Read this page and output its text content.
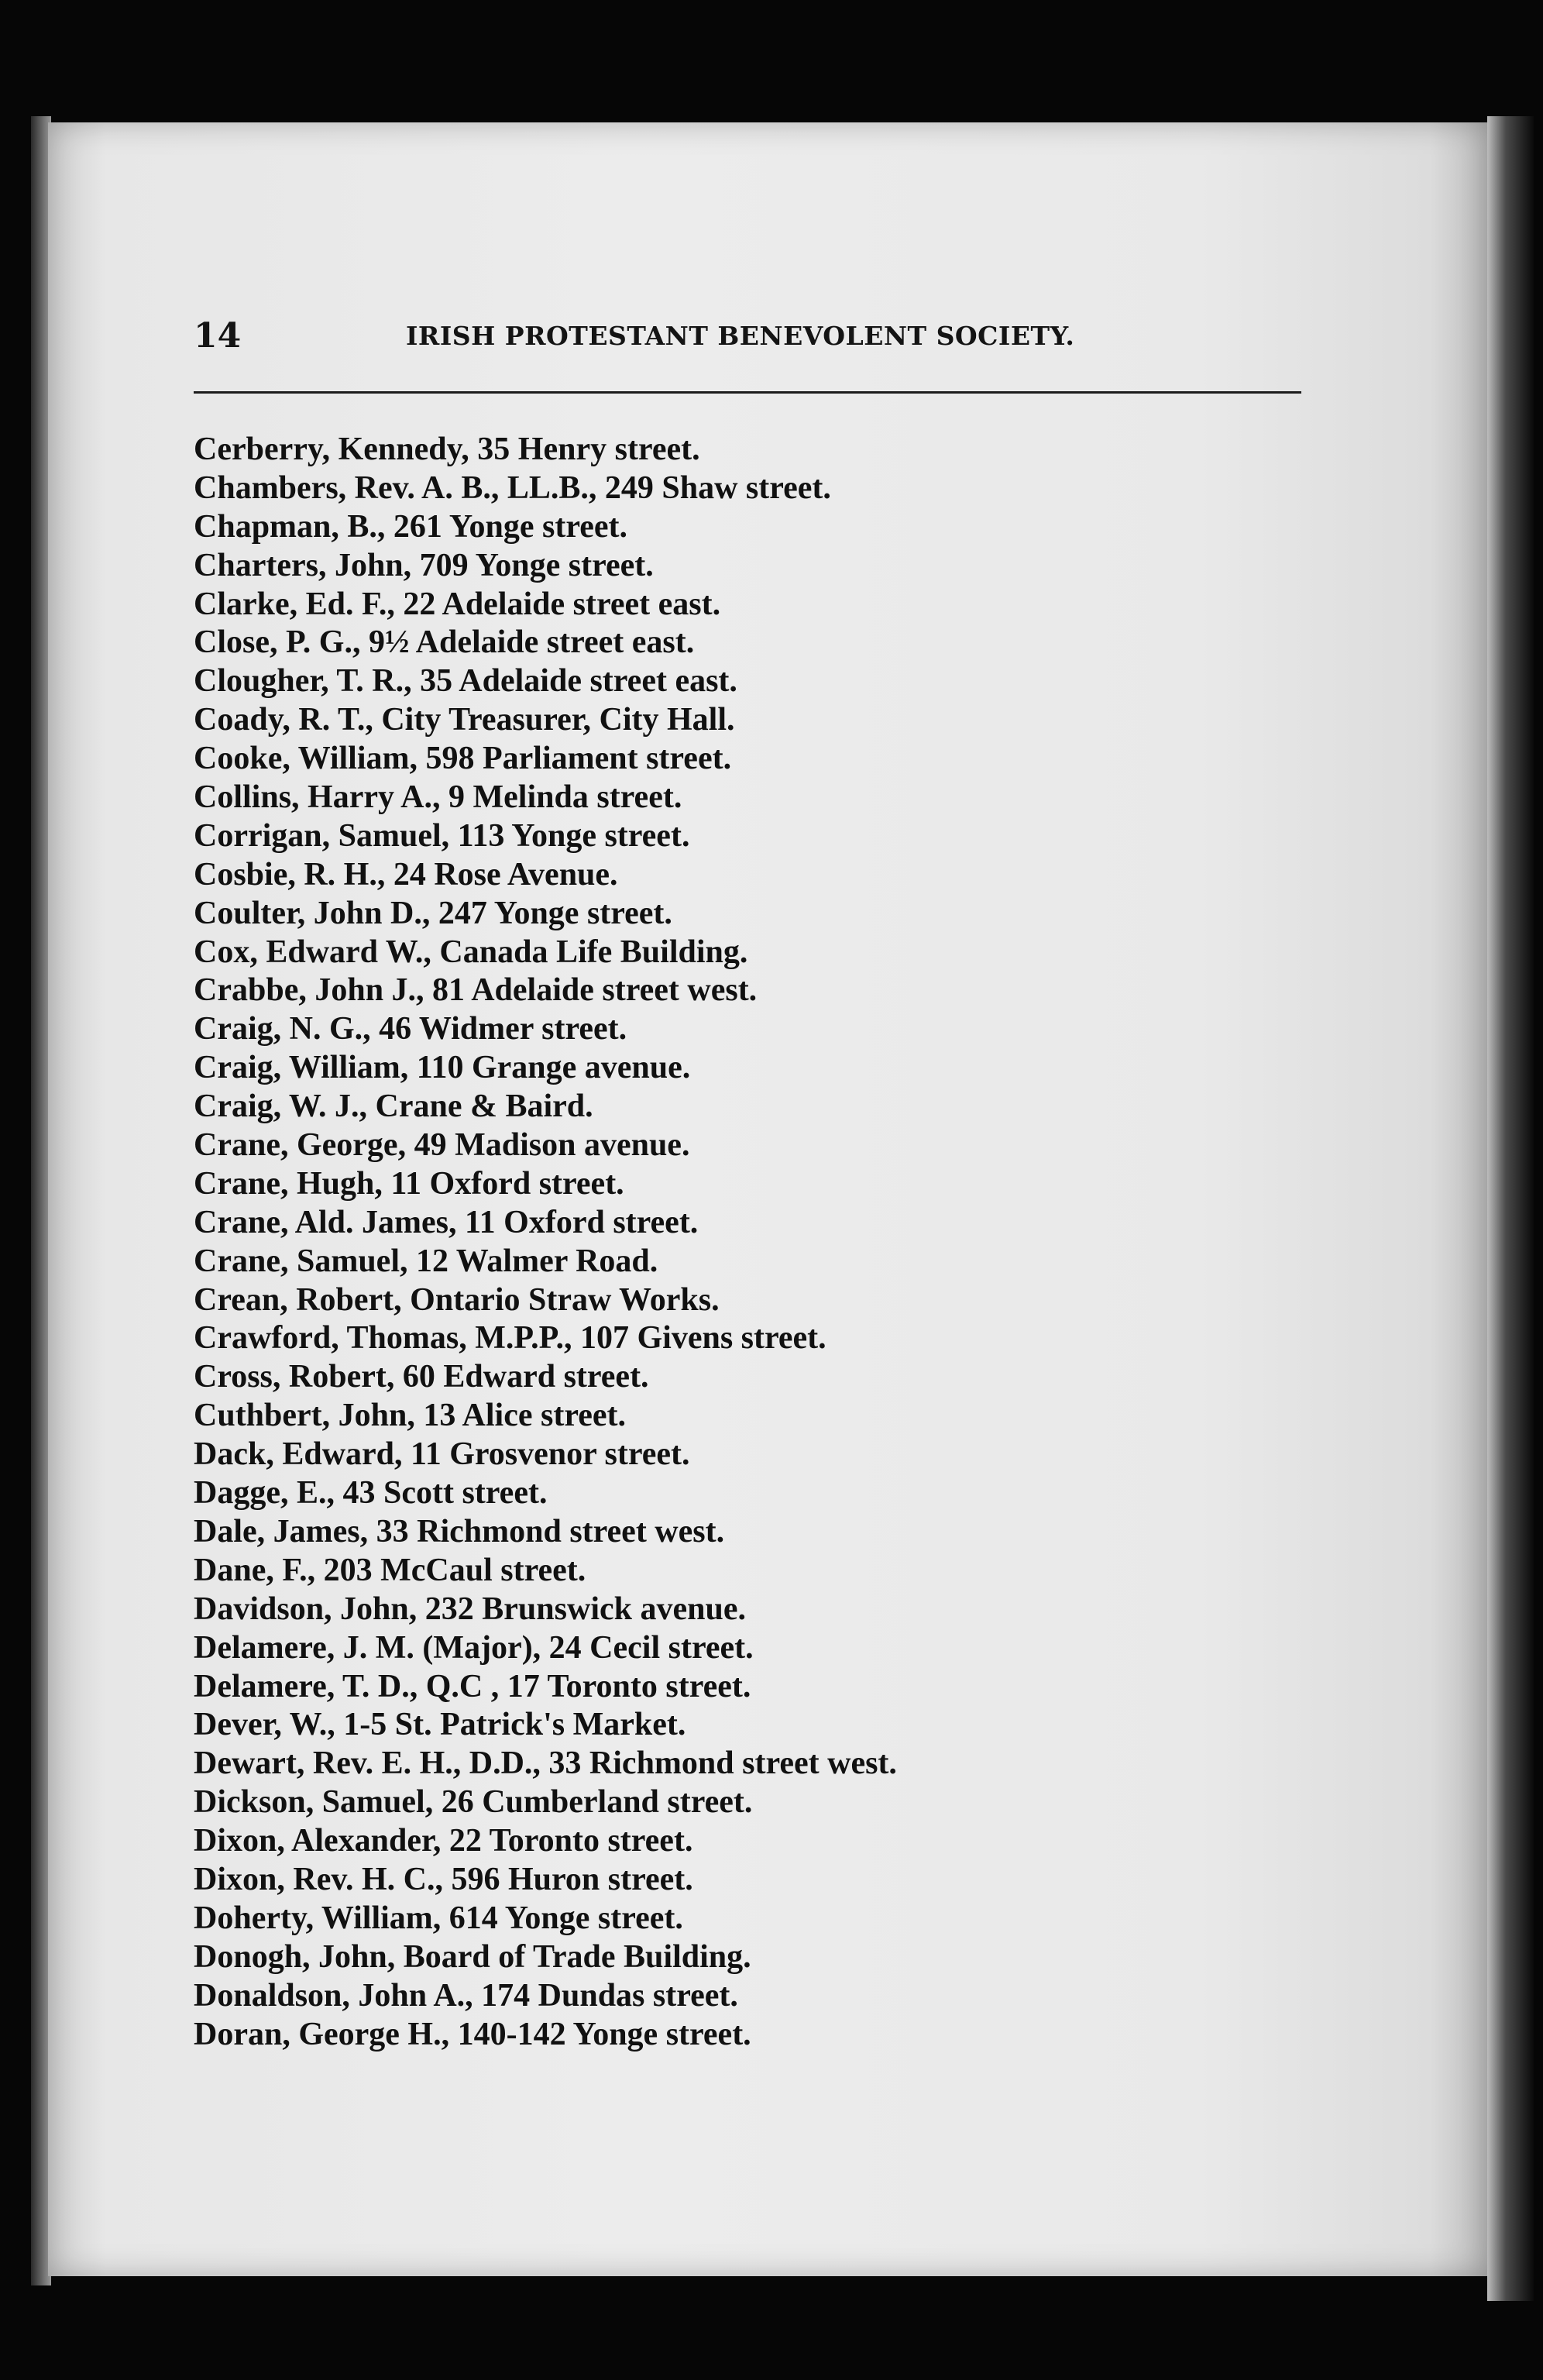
14	IRISH PROTESTANT BENEVOLENT SOCIETY.
Cerberry, Kennedy, 35 Henry street.
Chambers, Rev. A. B., LL.B., 249 Shaw street.
Chapman, B., 261 Yonge street.
Charters, John, 709 Yonge street.
Clarke, Ed. F., 22 Adelaide street east.
Close, P. G., 9½ Adelaide street east.
Clougher, T. R., 35 Adelaide street east.
Coady, R. T., City Treasurer, City Hall.
Cooke, William, 598 Parliament street.
Collins, Harry A., 9 Melinda street.
Corrigan, Samuel, 113 Yonge street.
Cosbie, R. H., 24 Rose Avenue.
Coulter, John D., 247 Yonge street.
Cox, Edward W., Canada Life Building.
Crabbe, John J., 81 Adelaide street west.
Craig, N. G., 46 Widmer street.
Craig, William, 110 Grange avenue.
Craig, W. J., Crane & Baird.
Crane, George, 49 Madison avenue.
Crane, Hugh, 11 Oxford street.
Crane, Ald. James, 11 Oxford street.
Crane, Samuel, 12 Walmer Road.
Crean, Robert, Ontario Straw Works.
Crawford, Thomas, M.P.P., 107 Givens street.
Cross, Robert, 60 Edward street.
Cuthbert, John, 13 Alice street.
Dack, Edward, 11 Grosvenor street.
Dagge, E., 43 Scott street.
Dale, James, 33 Richmond street west.
Dane, F., 203 McCaul street.
Davidson, John, 232 Brunswick avenue.
Delamere, J. M. (Major), 24 Cecil street.
Delamere, T. D., Q.C , 17 Toronto street.
Dever, W., 1-5 St. Patrick's Market.
Dewart, Rev. E. H., D.D., 33 Richmond street west.
Dickson, Samuel, 26 Cumberland street.
Dixon, Alexander, 22 Toronto street.
Dixon, Rev. H. C., 596 Huron street.
Doherty, William, 614 Yonge street.
Donogh, John, Board of Trade Building.
Donaldson, John A., 174 Dundas street.
Doran, George H., 140-142 Yonge street.
